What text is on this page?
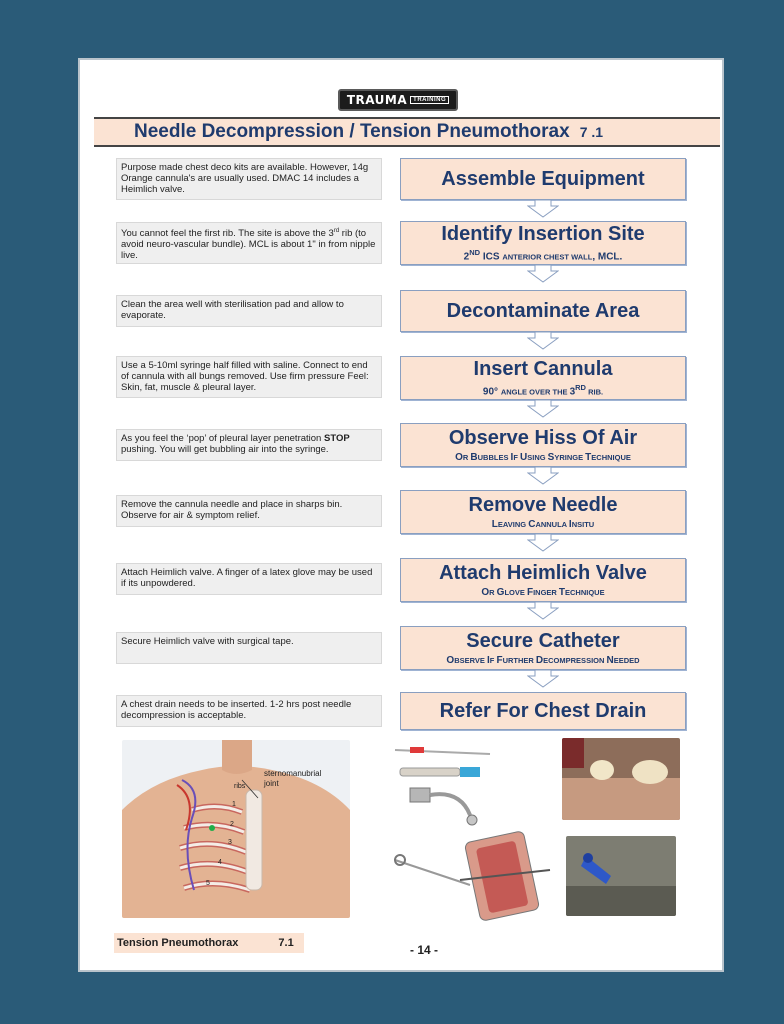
TRAUMA	TRAINING
Needle Decompression / Tension Pneumothorax 7 .1
Purpose made chest deco kits are available. However, 14g Orange cannula's are usually used. DMAC 14 includes a Heimlich valve.
You cannot feel the first rib. The site is above the 3rd rib (to avoid neuro-vascular bundle). MCL is about 1" in from nipple live.
Clean the area well with sterilisation pad and allow to evaporate.
Use a 5-10ml syringe half filled with saline. Connect to end of cannula with all bungs removed. Use firm pressure Feel: Skin, fat, muscle & pleural layer.
As you feel the ‘pop’ of pleural layer penetration STOP pushing. You will get bubbling air into the syringe.
Remove the cannula needle and place in sharps bin. Observe for air & symptom relief.
Attach Heimlich valve. A finger of a latex glove may be used if its unpowdered.
Secure Heimlich valve with surgical tape.
A chest drain needs to be inserted. 1-2 hrs post needle decompression is acceptable.
Assemble Equipment
Identify Insertion Site
2ND ICS ANTERIOR CHEST WALL, MCL.
Decontaminate Area
Insert Cannula
90° ANGLE OVER THE 3RD RIB.
Observe Hiss Of Air
OR BUBBLES IF USING SYRINGE TECHNIQUE
Remove Needle
LEAVING CANNULA INSITU
Attach Heimlich Valve
OR GLOVE FINGER TECHNIQUE
Secure Catheter
OBSERVE IF FURTHER DECOMPRESSION NEEDED
Refer For Chest Drain
sternomanubrial
joint
ribs
1
2
3
4
5
Tension Pneumothorax	7.1	- 14 -
